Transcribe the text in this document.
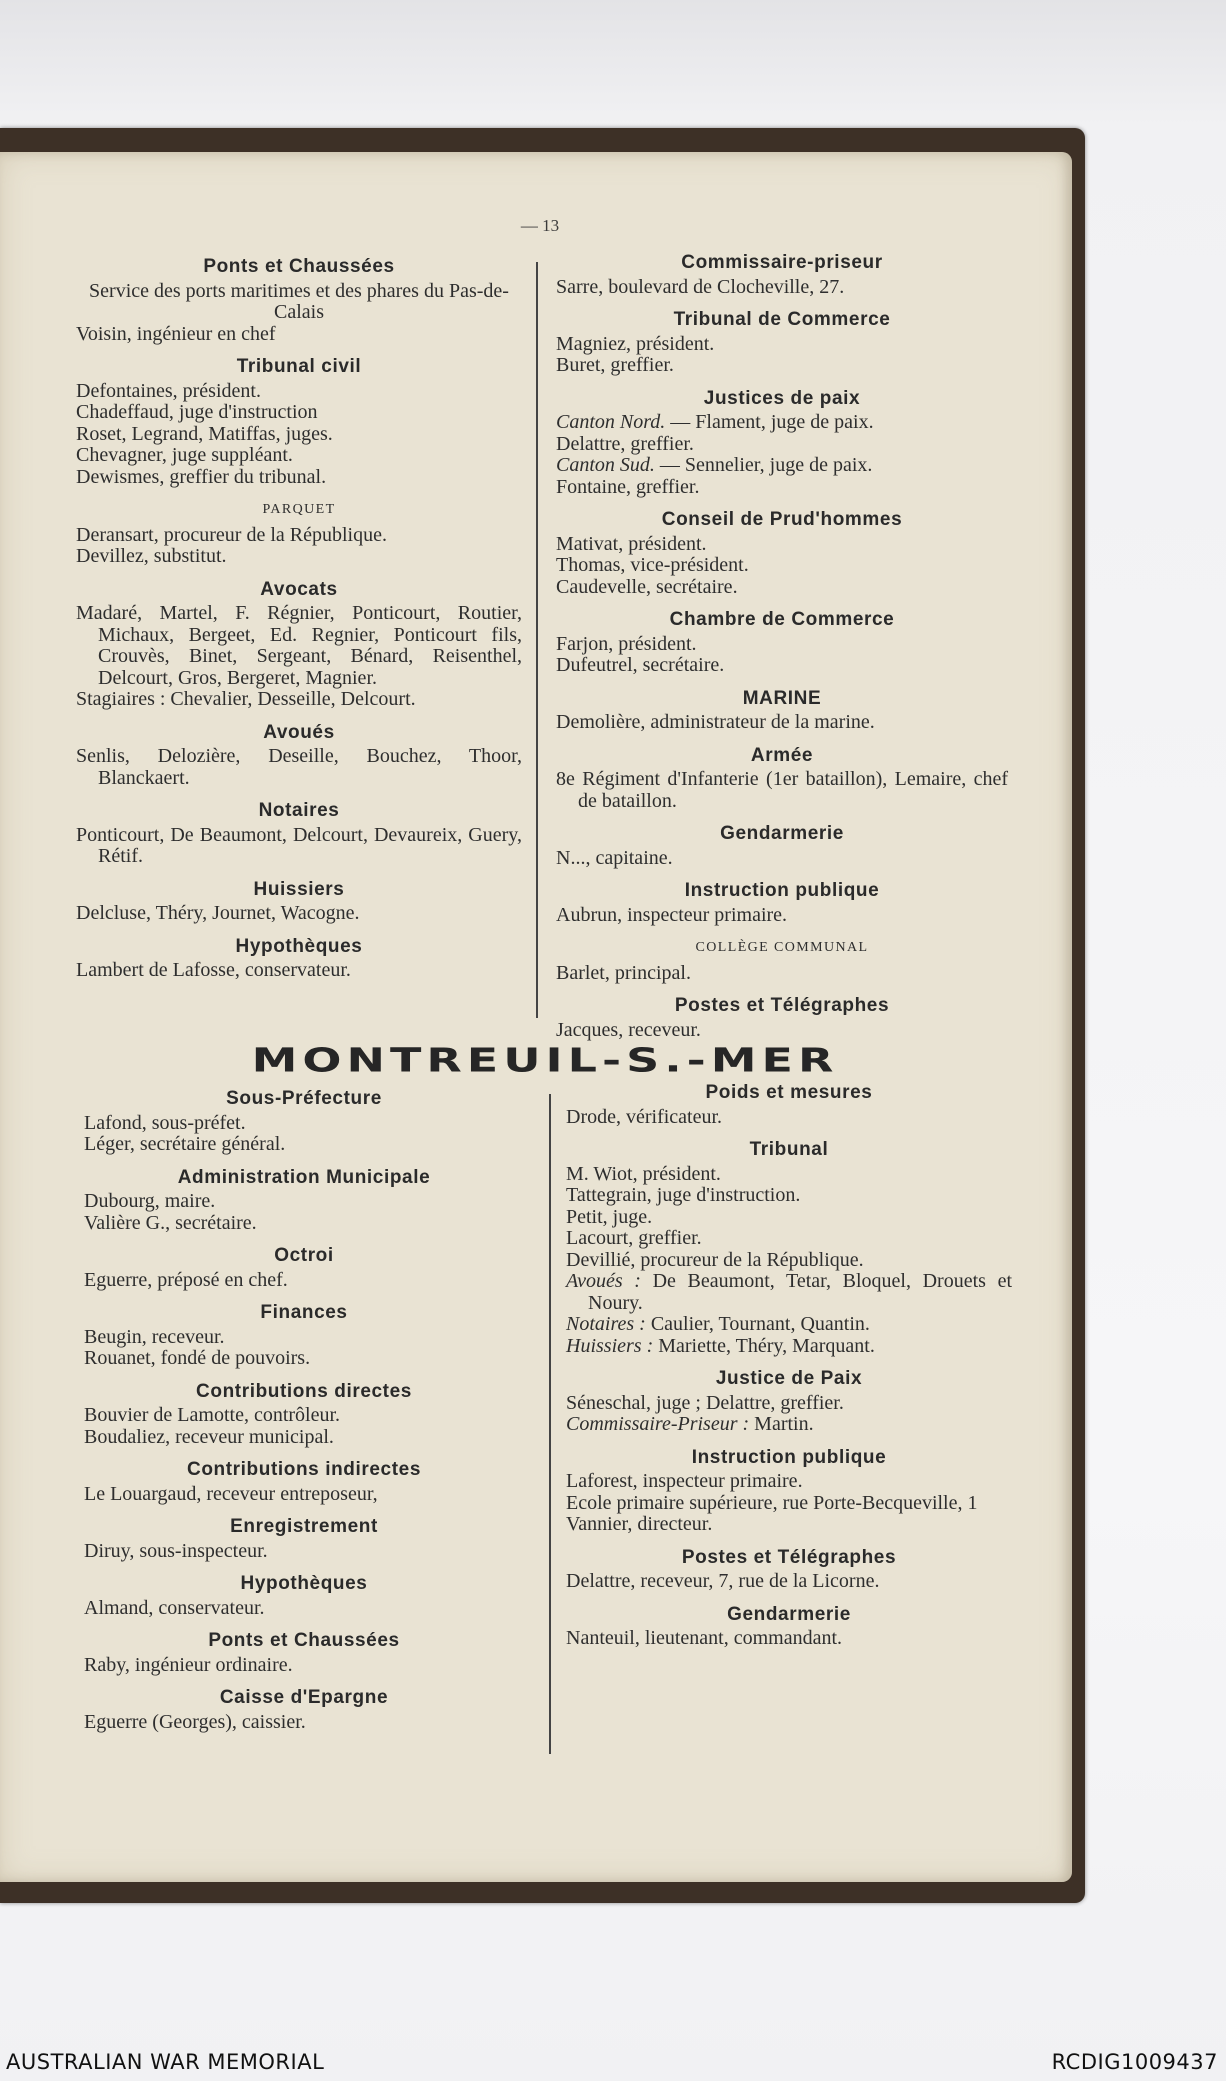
— 13
Ponts et Chaussées
Service des ports maritimes et des phares du Pas-de-Calais
Voisin, ingénieur en chef
Tribunal civil
Defontaines, président.
Chadeffaud, juge d'instruction
Roset, Legrand, Matiffas, juges.
Chevagner, juge suppléant.
Dewismes, greffier du tribunal.
PARQUET
Deransart, procureur de la République.
Devillez, substitut.
Avocats
Madaré, Martel, F. Régnier, Ponticourt, Routier, Michaux, Bergeet, Ed. Regnier, Ponticourt fils, Crouvès, Binet, Sergeant, Bénard, Reisenthel, Delcourt, Gros, Bergeret, Magnier.
Stagiaires : Chevalier, Desseille, Delcourt.
Avoués
Senlis, Delozière, Deseille, Bouchez, Thoor, Blanckaert.
Notaires
Ponticourt, De Beaumont, Delcourt, Devaureix, Guery, Rétif.
Huissiers
Delcluse, Théry, Journet, Wacogne.
Hypothèques
Lambert de Lafosse, conservateur.
Commissaire-priseur
Sarre, boulevard de Clocheville, 27.
Tribunal de Commerce
Magniez, président.
Buret, greffier.
Justices de paix
Canton Nord. — Flament, juge de paix.
Delattre, greffier.
Canton Sud. — Sennelier, juge de paix.
Fontaine, greffier.
Conseil de Prud'hommes
Mativat, président.
Thomas, vice-président.
Caudevelle, secrétaire.
Chambre de Commerce
Farjon, président.
Dufeutrel, secrétaire.
MARINE
Demolière, administrateur de la marine.
Armée
8e Régiment d'Infanterie (1er bataillon), Lemaire, chef de bataillon.
Gendarmerie
N..., capitaine.
Instruction publique
Aubrun, inspecteur primaire.
COLLÈGE COMMUNAL
Barlet, principal.
Postes et Télégraphes
Jacques, receveur.
MONTREUIL-S.-MER
Sous-Préfecture
Lafond, sous-préfet.
Léger, secrétaire général.
Administration Municipale
Dubourg, maire.
Valière G., secrétaire.
Octroi
Eguerre, préposé en chef.
Finances
Beugin, receveur.
Rouanet, fondé de pouvoirs.
Contributions directes
Bouvier de Lamotte, contrôleur.
Boudaliez, receveur municipal.
Contributions indirectes
Le Louargaud, receveur entreposeur,
Enregistrement
Diruy, sous-inspecteur.
Hypothèques
Almand, conservateur.
Ponts et Chaussées
Raby, ingénieur ordinaire.
Caisse d'Epargne
Eguerre (Georges), caissier.
Poids et mesures
Drode, vérificateur.
Tribunal
M. Wiot, président.
Tattegrain, juge d'instruction.
Petit, juge.
Lacourt, greffier.
Devillié, procureur de la République.
Avoués : De Beaumont, Tetar, Bloquel, Drouets et Noury.
Notaires : Caulier, Tournant, Quantin.
Huissiers : Mariette, Théry, Marquant.
Justice de Paix
Séneschal, juge ; Delattre, greffier.
Commissaire-Priseur : Martin.
Instruction publique
Laforest, inspecteur primaire.
Ecole primaire supérieure, rue Porte-Becqueville, 1
Vannier, directeur.
Postes et Télégraphes
Delattre, receveur, 7, rue de la Licorne.
Gendarmerie
Nanteuil, lieutenant, commandant.
AUSTRALIAN WAR MEMORIAL	RCDIG1009437
